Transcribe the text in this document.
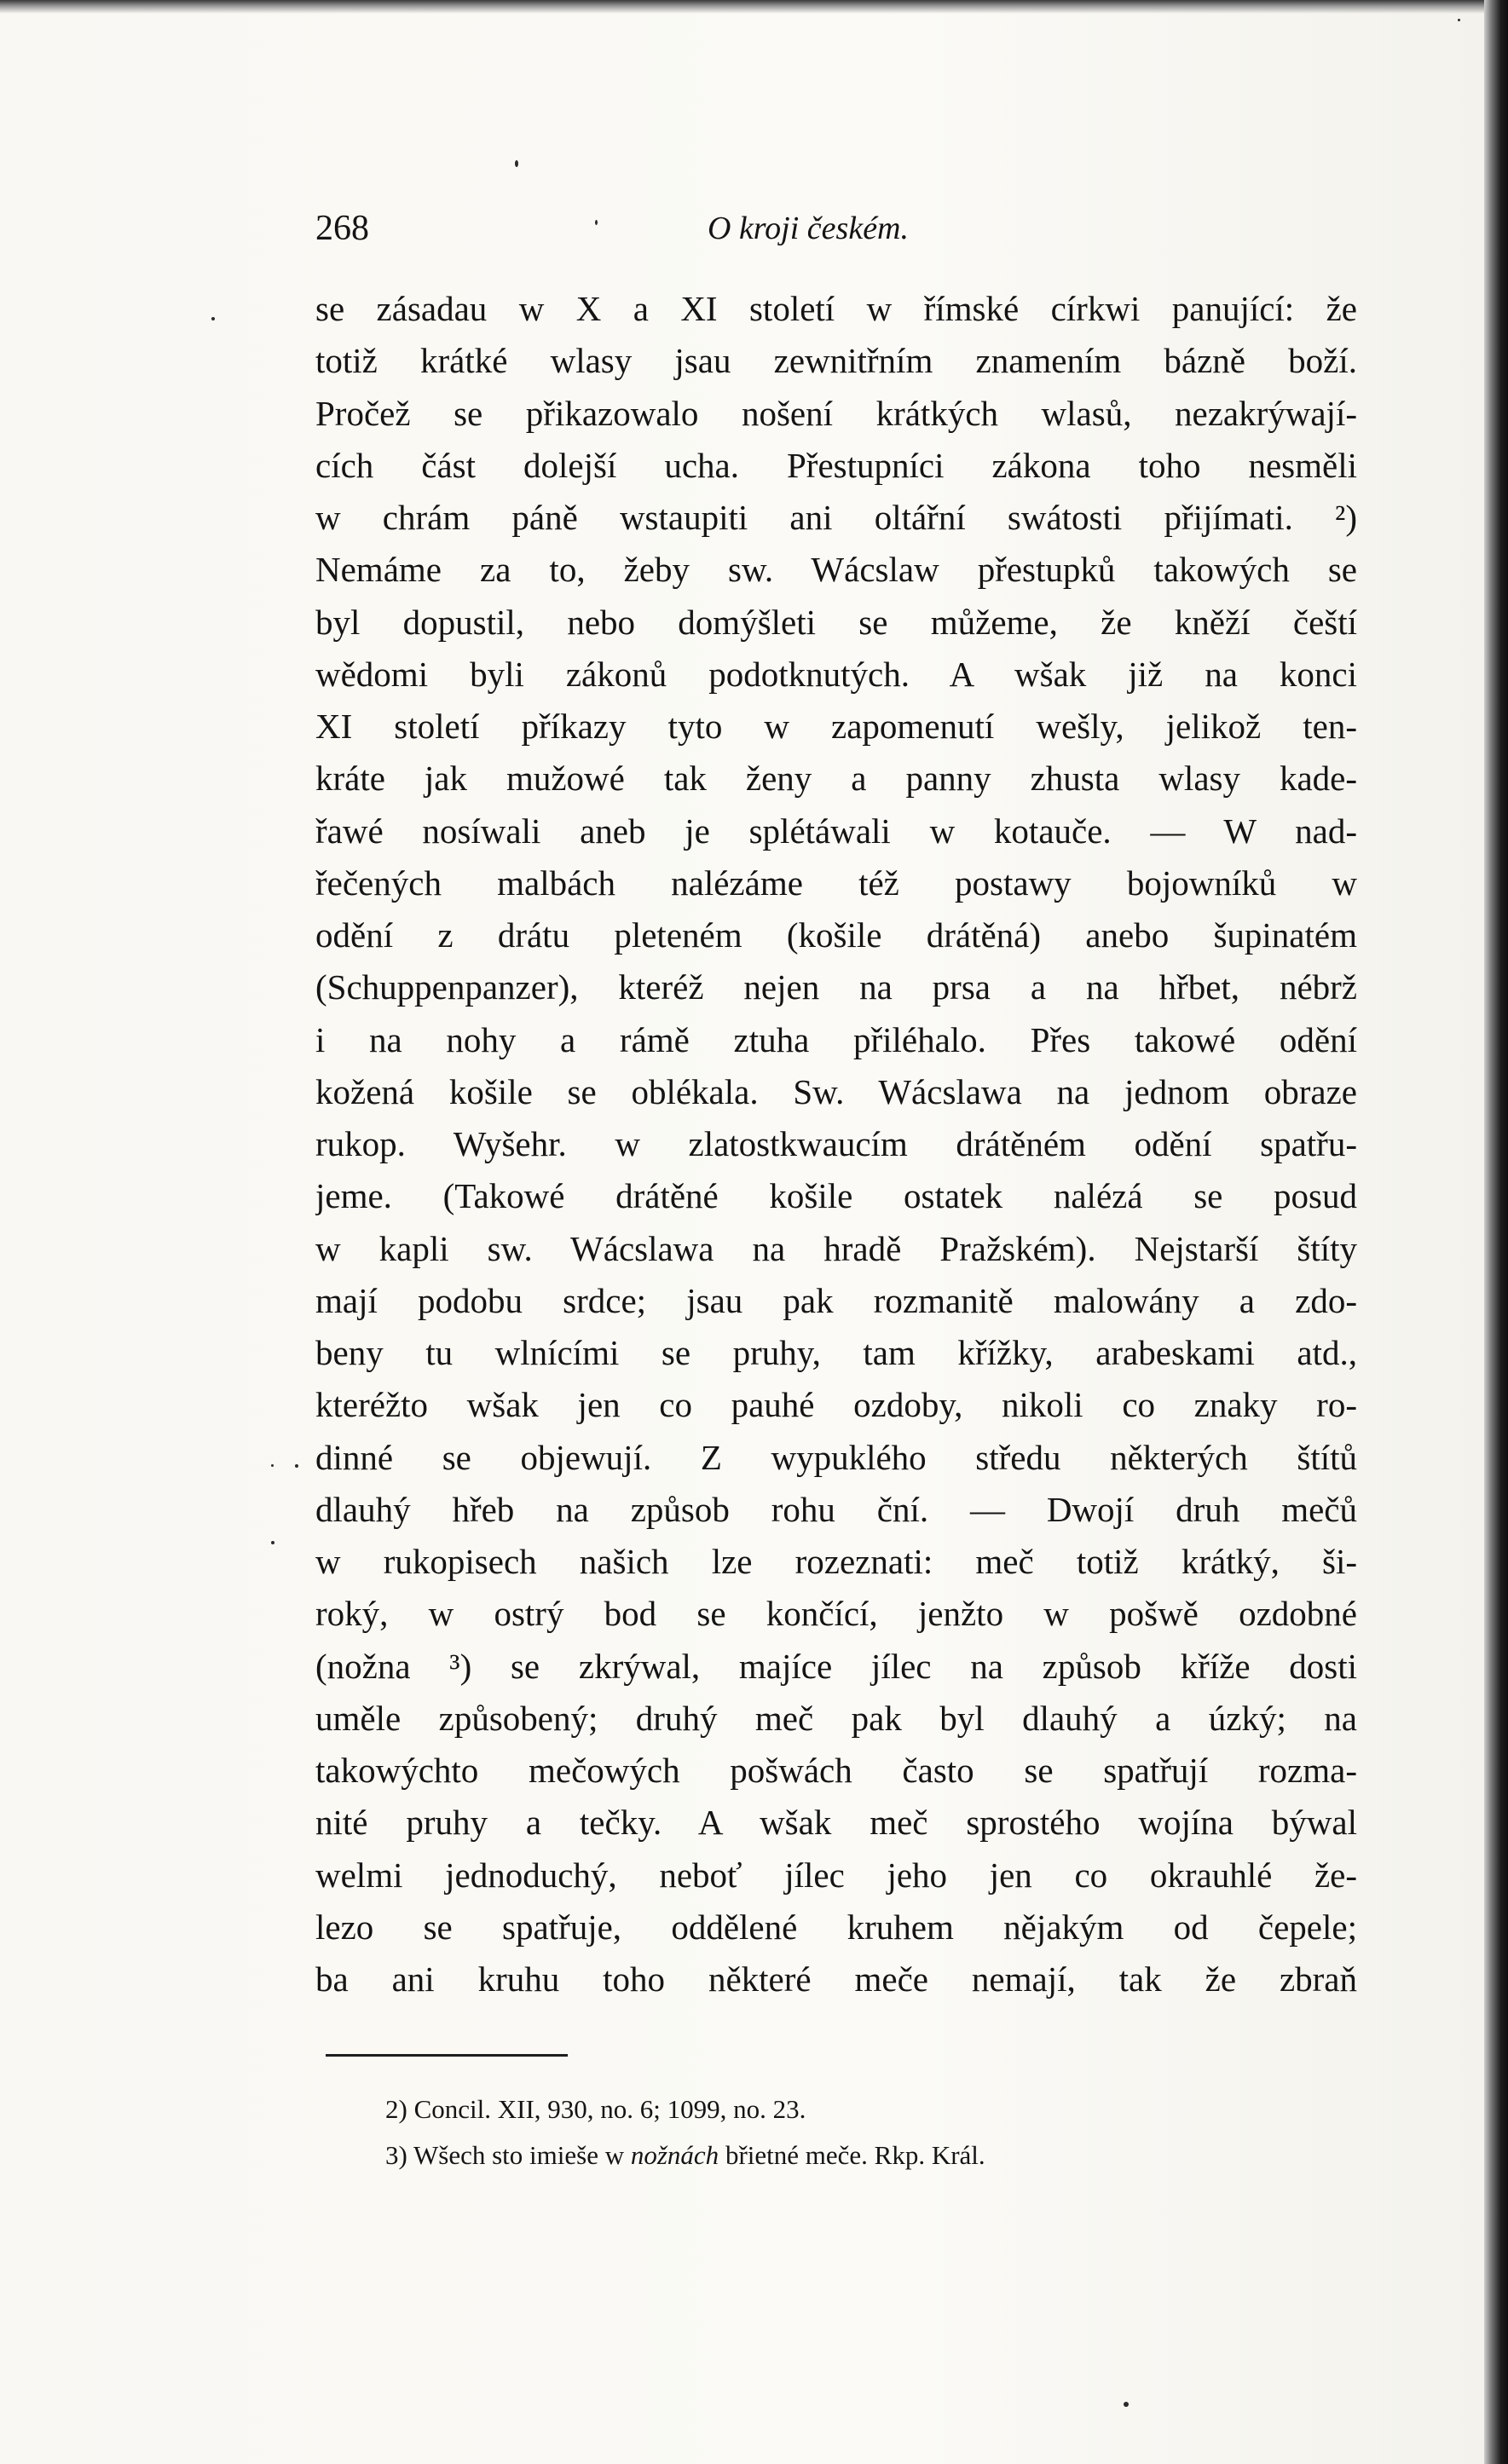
268	O kroji českém.
se zásadau w X a XI století w římské církwi panující: že
totiž krátké wlasy jsau zewnitřním znamením bázně boží.
Pročež se přikazowalo nošení krátkých wlasů, nezakrýwají-
cích část dolejší ucha. Přestupníci zákona toho nesměli
w chrám páně wstaupiti ani oltářní swátosti přijímati. ²)
Nemáme za to, žeby sw. Wácslaw přestupků takowých se
byl dopustil, nebo domýšleti se můžeme, že kněží čeští
wědomi byli zákonů podotknutých. A wšak již na konci
XI století příkazy tyto w zapomenutí wešly, jelikož ten-
kráte jak mužowé tak ženy a panny zhusta wlasy kade-
řawé nosíwali aneb je splétáwali w kotauče. — W nad-
řečených malbách nalézáme též postawy bojowníků w
odění z drátu pleteném (košile drátěná) anebo šupinatém
(Schuppenpanzer), kteréž nejen na prsa a na hřbet, nébrž
i na nohy a rámě ztuha přiléhalo. Přes takowé odění
kožená košile se oblékala. Sw. Wácslawa na jednom obraze
rukop. Wyšehr. w zlatostkwaucím drátěném odění spatřu-
jeme. (Takowé drátěné košile ostatek nalézá se posud
w kapli sw. Wácslawa na hradě Pražském). Nejstarší štíty
mají podobu srdce; jsau pak rozmanitě malowány a zdo-
beny tu wlnícími se pruhy, tam křížky, arabeskami atd.,
kteréžto wšak jen co pauhé ozdoby, nikoli co znaky ro-
dinné se objewují. Z wypuklého středu některých štítů
dlauhý hřeb na způsob rohu ční. — Dwojí druh mečů
w rukopisech našich lze rozeznati: meč totiž krátký, ši-
roký, w ostrý bod se končící, jenžto w pošwě ozdobné
(nožna ³) se zkrýwal, majíce jílec na způsob kříže dosti
uměle způsobený; druhý meč pak byl dlauhý a úzký; na
takowýchto mečowých pošwách často se spatřují rozma-
nité pruhy a tečky. A wšak meč sprostého wojína býwal
welmi jednoduchý, neboť jílec jeho jen co okrauhlé že-
lezo se spatřuje, oddělené kruhem nějakým od čepele;
ba ani kruhu toho některé meče nemají, tak že zbraň
2) Concil. XII, 930, no. 6; 1099, no. 23.
3) Wšech sto imieše w nožnách břietné meče. Rkp. Král.
